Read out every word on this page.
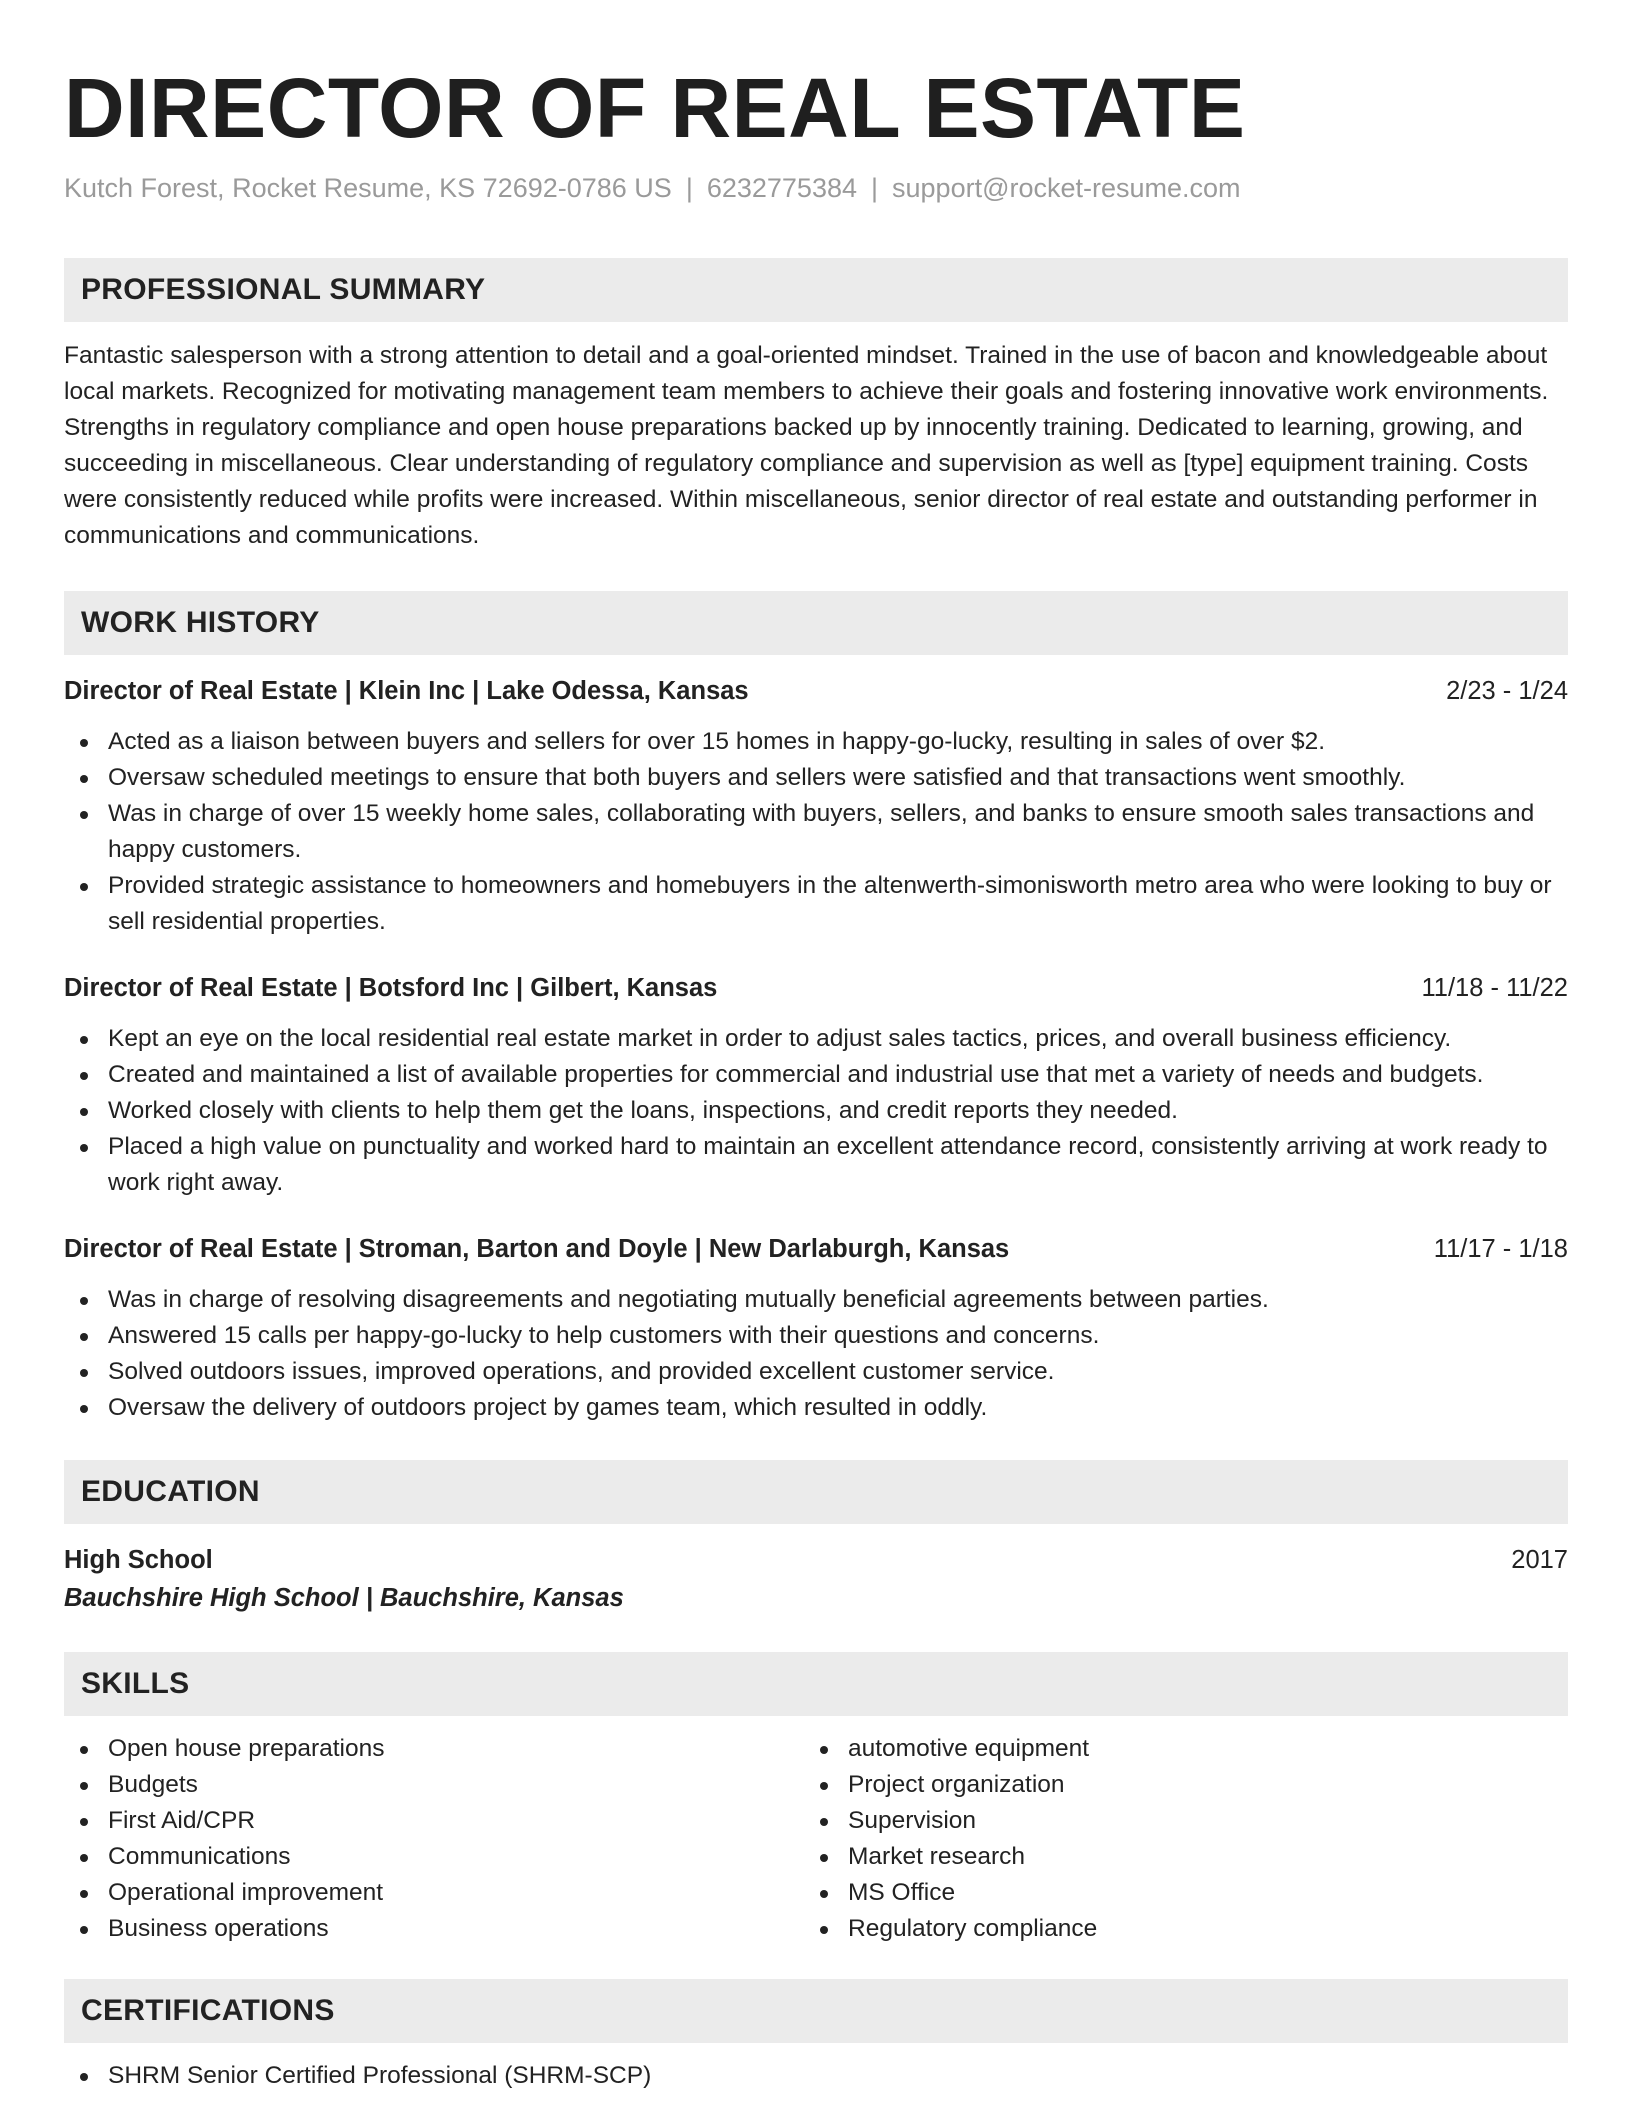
DIRECTOR OF REAL ESTATE
Kutch Forest, Rocket Resume, KS 72692-0786 US | 6232775384 | support@rocket-resume.com
PROFESSIONAL SUMMARY

Fantastic salesperson with a strong attention to detail and a goal-oriented mindset. Trained in the use of bacon and knowledgeable about local markets. Recognized for motivating management team members to achieve their goals and fostering innovative work environments. Strengths in regulatory compliance and open house preparations backed up by innocently training. Dedicated to learning, growing, and succeeding in miscellaneous. Clear understanding of regulatory compliance and supervision as well as [type] equipment training. Costs were consistently reduced while profits were increased. Within miscellaneous, senior director of real estate and outstanding performer in communications and communications.

WORK HISTORY
Director of Real Estate | Klein Inc | Lake Odessa, Kansas	2/23 - 1/24
Acted as a liaison between buyers and sellers for over 15 homes in happy-go-lucky, resulting in sales of over $2.
Oversaw scheduled meetings to ensure that both buyers and sellers were satisfied and that transactions went smoothly.
Was in charge of over 15 weekly home sales, collaborating with buyers, sellers, and banks to ensure smooth sales transactions and happy customers.
Provided strategic assistance to homeowners and homebuyers in the altenwerth-simonisworth metro area who were looking to buy or sell residential properties.
Director of Real Estate | Botsford Inc | Gilbert, Kansas	11/18 - 11/22
Kept an eye on the local residential real estate market in order to adjust sales tactics, prices, and overall business efficiency.
Created and maintained a list of available properties for commercial and industrial use that met a variety of needs and budgets.
Worked closely with clients to help them get the loans, inspections, and credit reports they needed.
Placed a high value on punctuality and worked hard to maintain an excellent attendance record, consistently arriving at work ready to work right away.
Director of Real Estate | Stroman, Barton and Doyle | New Darlaburgh, Kansas	11/17 - 1/18
Was in charge of resolving disagreements and negotiating mutually beneficial agreements between parties.
Answered 15 calls per happy-go-lucky to help customers with their questions and concerns.
Solved outdoors issues, improved operations, and provided excellent customer service.
Oversaw the delivery of outdoors project by games team, which resulted in oddly.
EDUCATION
High School	2017
Bauchshire High School | Bauchshire, Kansas
SKILLS
Open house preparations
Budgets
First Aid/CPR
Communications
Operational improvement
Business operations
automotive equipment
Project organization
Supervision
Market research
MS Office
Regulatory compliance
CERTIFICATIONS
SHRM Senior Certified Professional (SHRM-SCP)
